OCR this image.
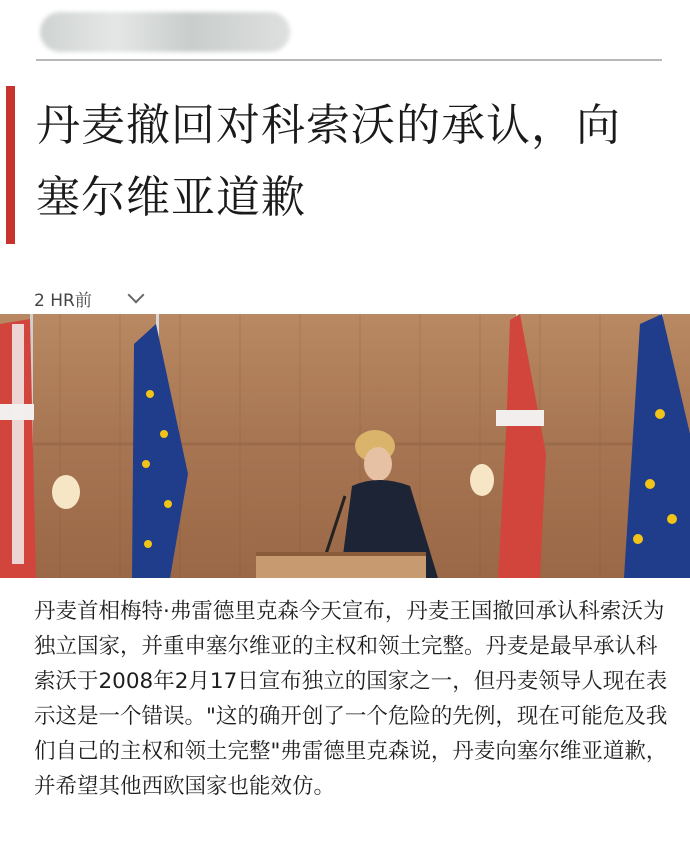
丹麦撤回对科索沃的承认，向塞尔维亚道歉
2 HR前
丹麦首相梅特·弗雷德里克森今天宣布，丹麦王国撤回承认科索沃为独立国家，并重申塞尔维亚的主权和领土完整。丹麦是最早承认科索沃于2008年2月17日宣布独立的国家之一，但丹麦领导人现在表示这是一个错误。"这的确开创了一个危险的先例，现在可能危及我们自己的主权和领土完整"弗雷德里克森说，丹麦向塞尔维亚道歉，并希望其他西欧国家也能效仿。
